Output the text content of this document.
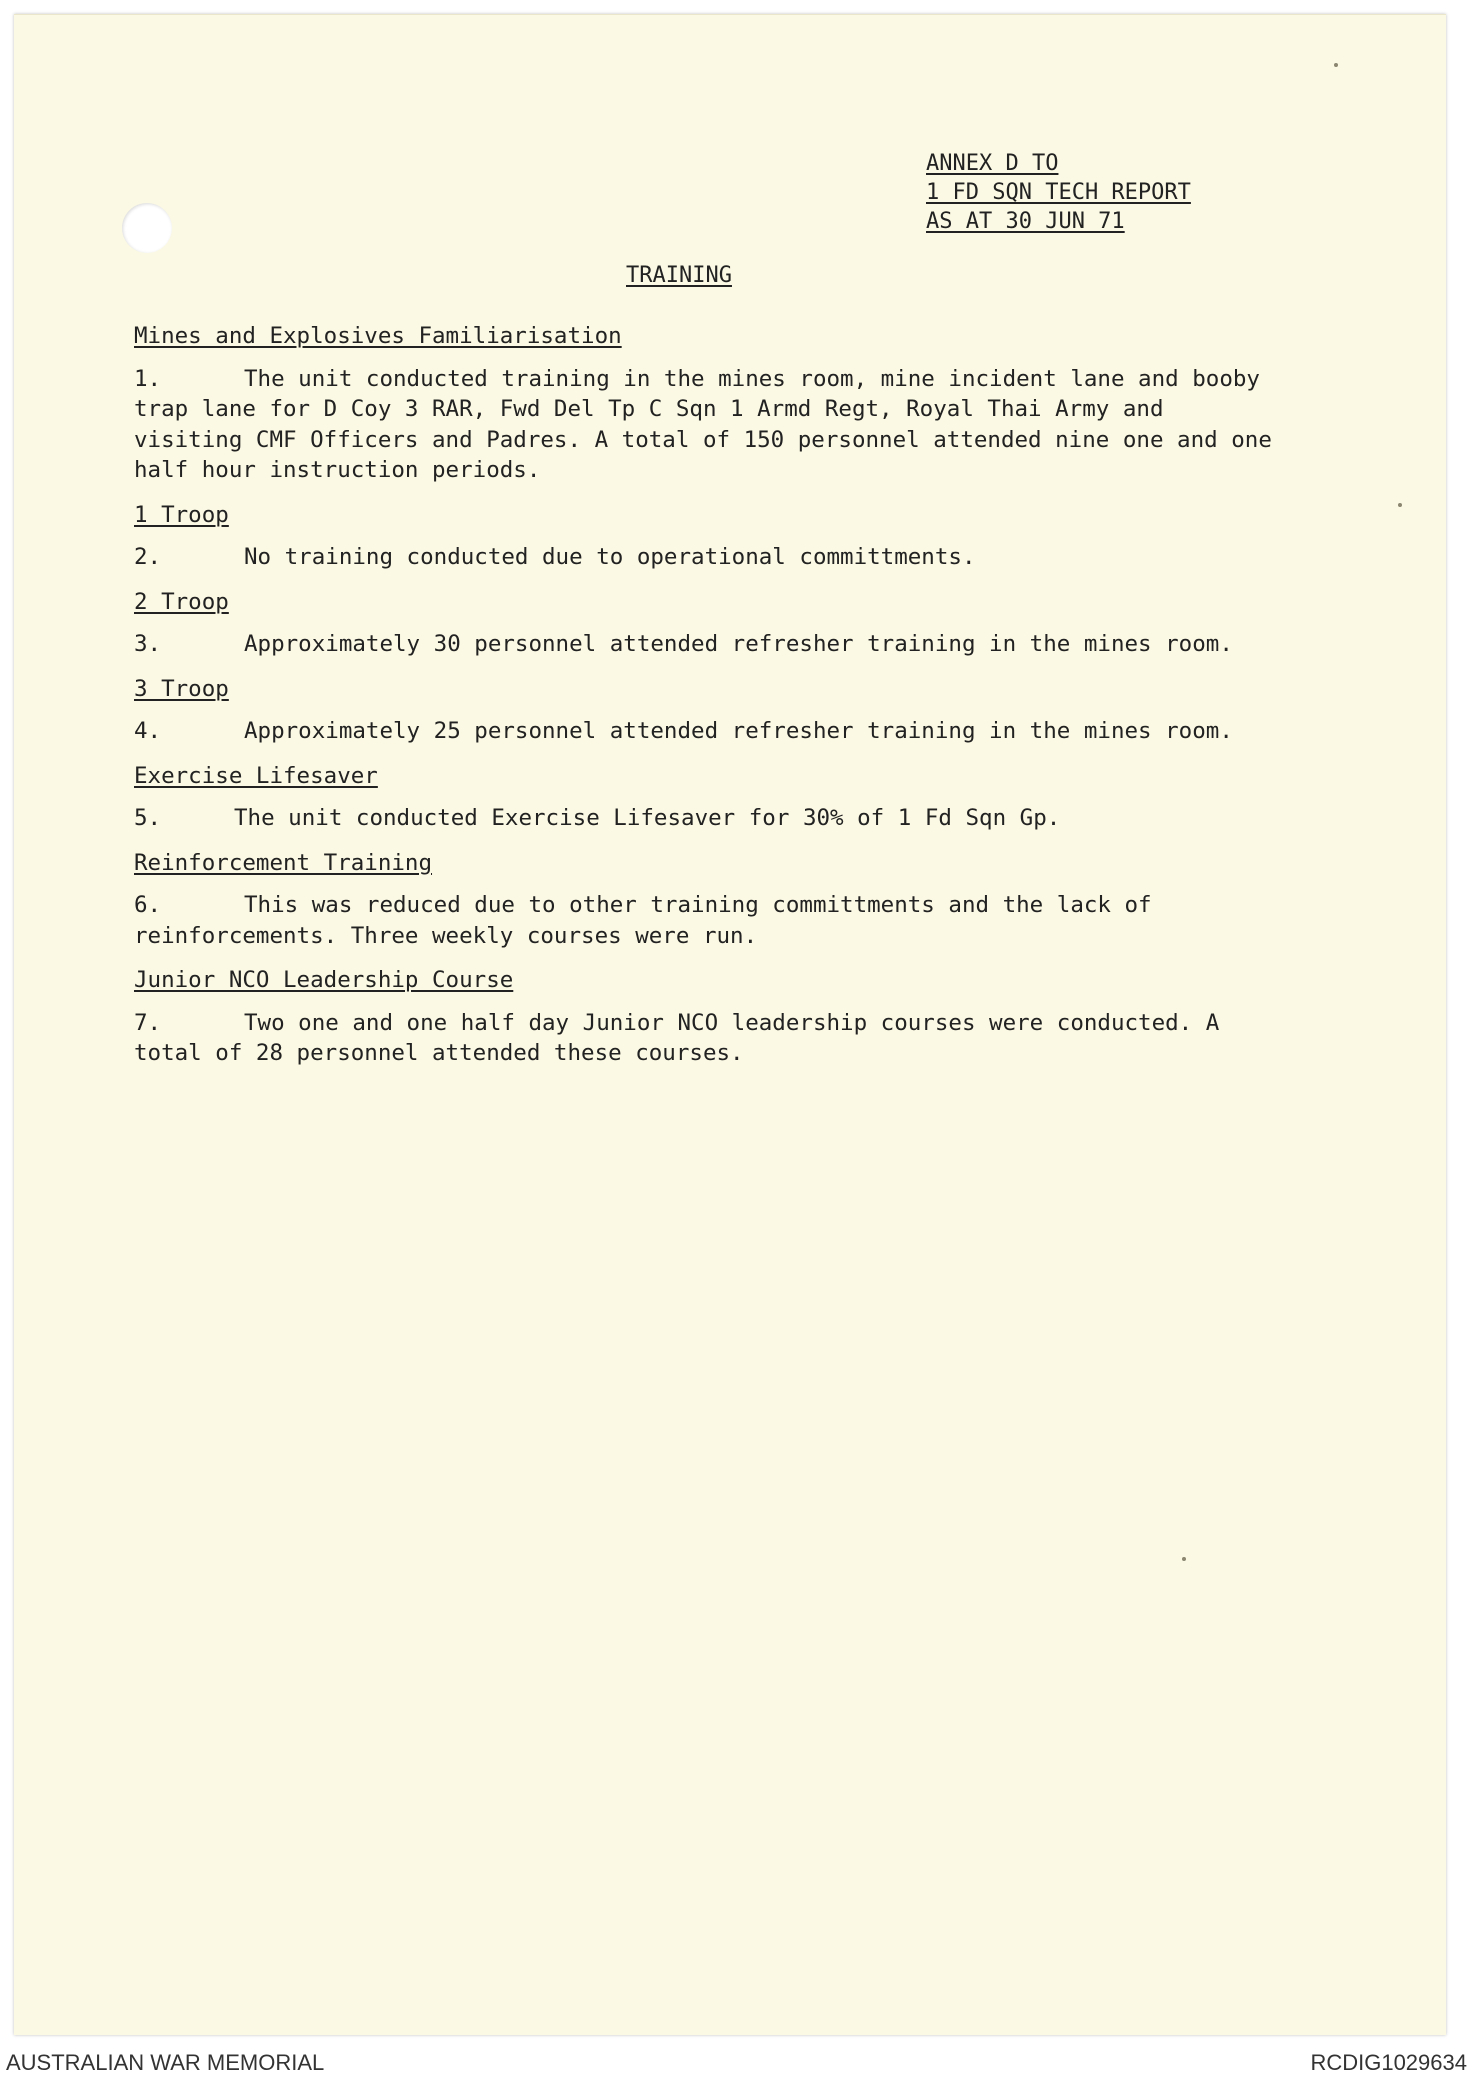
ANNEX D TO
1 FD SQN TECH REPORT
AS AT 30 JUN 71
TRAINING
Mines and Explosives Familiarisation
1.	The unit conducted training in the mines room, mine incident lane and booby trap lane for D Coy 3 RAR, Fwd Del Tp C Sqn 1 Armd Regt, Royal Thai Army and visiting CMF Officers and Padres. A total of 150 personnel attended nine one and one half hour instruction periods.
1 Troop
2.	No training conducted due to operational committments.
2 Troop
3.	Approximately 30 personnel attended refresher training in the mines room.
3 Troop
4.	Approximately 25 personnel attended refresher training in the mines room.
Exercise Lifesaver
5.	The unit conducted Exercise Lifesaver for 30% of 1 Fd Sqn Gp.
Reinforcement Training
6.	This was reduced due to other training committments and the lack of reinforcements. Three weekly courses were run.
Junior NCO Leadership Course
7.	Two one and one half day Junior NCO leadership courses were conducted. A total of 28 personnel attended these courses.
AUSTRALIAN WAR MEMORIAL	RCDIG1029634
